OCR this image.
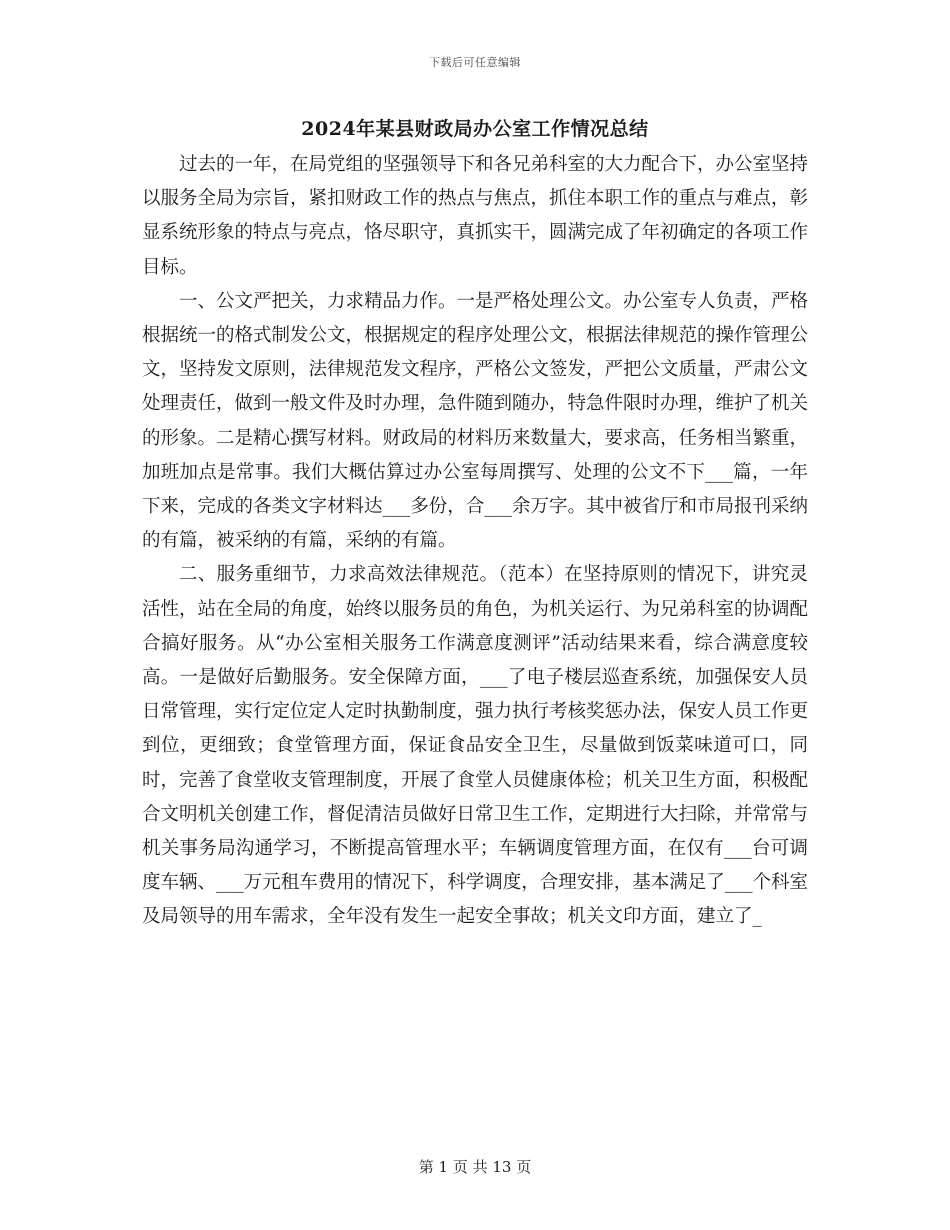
下载后可任意编辑
2024年某县财政局办公室工作情况总结

过去的一年，在局党组的坚强领导下和各兄弟科室的大力配合下，办公室坚持以服务全局为宗旨，紧扣财政工作的热点与焦点，抓住本职工作的重点与难点，彰显系统形象的特点与亮点，恪尽职守，真抓实干，圆满完成了年初确定的各项工作目标。

一、公文严把关，力求精品力作。一是严格处理公文。办公室专人负责，严格根据统一的格式制发公文，根据规定的程序处理公文，根据法律规范的操作管理公文，坚持发文原则，法律规范发文程序，严格公文签发，严把公文质量，严肃公文处理责任，做到一般文件及时办理，急件随到随办，特急件限时办理，维护了机关的形象。二是精心撰写材料。财政局的材料历来数量大，要求高，任务相当繁重，加班加点是常事。我们大概估算过办公室每周撰写、处理的公文不下___篇，一年下来，完成的各类文字材料达___多份，合___余万字。其中被省厅和市局报刊采纳的有篇，被采纳的有篇，采纳的有篇。

二、服务重细节，力求高效法律规范。（范本）在坚持原则的情况下，讲究灵活性，站在全局的角度，始终以服务员的角色，为机关运行、为兄弟科室的协调配合搞好服务。从“办公室相关服务工作满意度测评”活动结果来看，综合满意度较高。一是做好后勤服务。安全保障方面，___了电子楼层巡查系统，加强保安人员日常管理，实行定位定人定时执勤制度，强力执行考核奖惩办法，保安人员工作更到位，更细致；食堂管理方面，保证食品安全卫生，尽量做到饭菜味道可口，同时，完善了食堂收支管理制度，开展了食堂人员健康体检；机关卫生方面，积极配合文明机关创建工作，督促清洁员做好日常卫生工作，定期进行大扫除，并常常与机关事务局沟通学习，不断提高管理水平；车辆调度管理方面，在仅有___台可调度车辆、___万元租车费用的情况下，科学调度，合理安排，基本满足了___个科室及局领导的用车需求，全年没有发生一起安全事故；机关文印方面，建立了_

第 1 页 共 13 页
